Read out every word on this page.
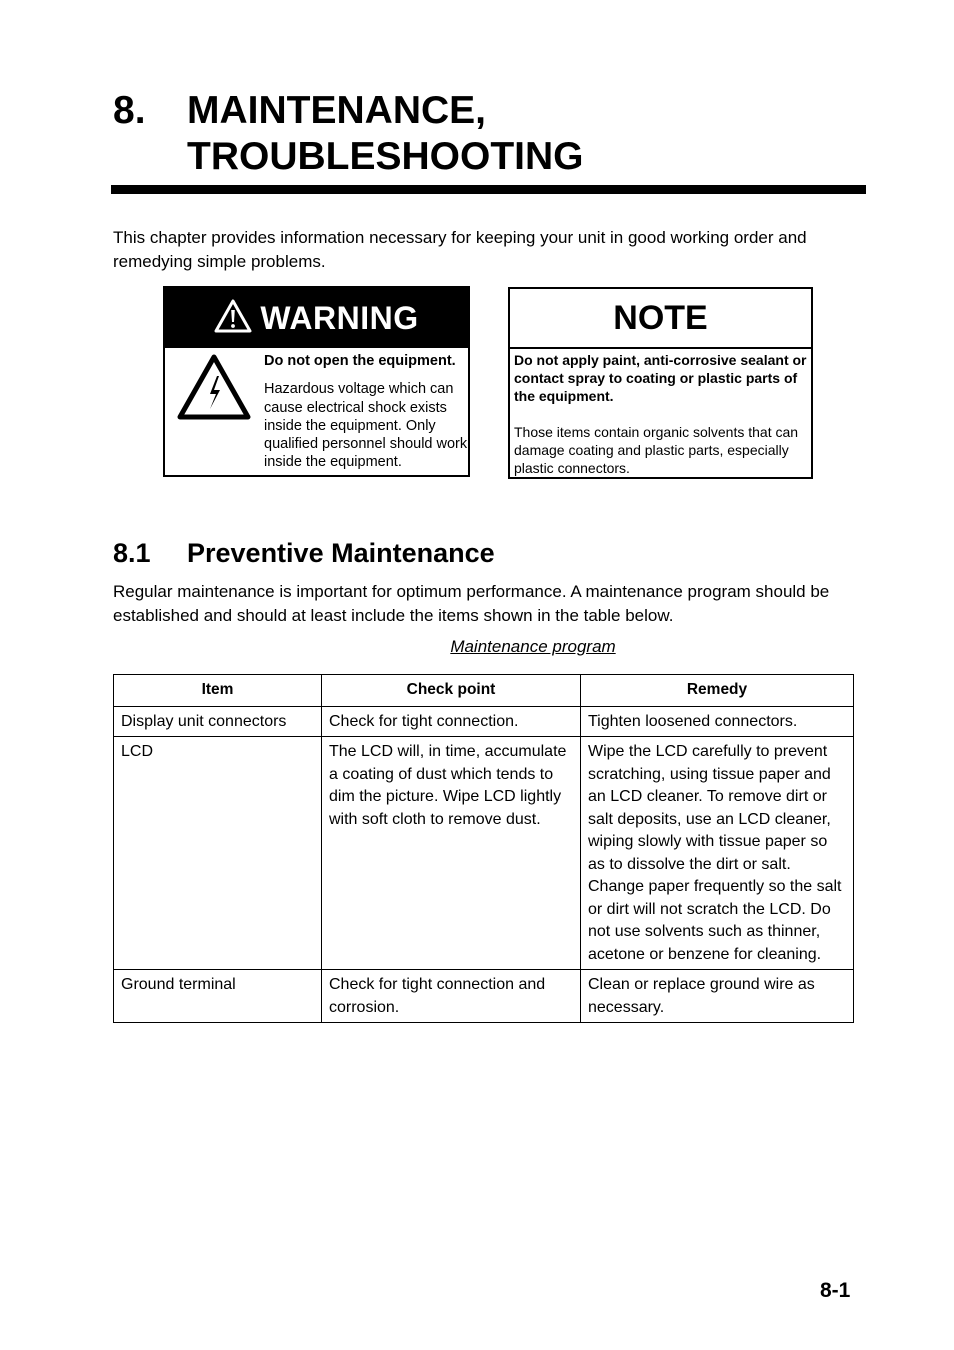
8.	MAINTENANCE,
TROUBLESHOOTING
This chapter provides information necessary for keeping your unit in good working order and remedying simple problems.
WARNING
Do not open the equipment.
Hazardous voltage which can cause electrical shock exists inside the equipment. Only qualified personnel should work inside the equipment.
NOTE
Do not apply paint, anti-corrosive sealant or contact spray to coating or plastic parts of the equipment.
Those items contain organic solvents that can damage coating and plastic parts, especially plastic connectors.
8.1	Preventive Maintenance
Regular maintenance is important for optimum performance. A maintenance program should be established and should at least include the items shown in the table below.
Maintenance program
Item	Check point	Remedy
Display unit connectors	Check for tight connection.	Tighten loosened connectors.
LCD	The LCD will, in time, accumulate a coating of dust which tends to dim the picture. Wipe LCD lightly with soft cloth to remove dust.	Wipe the LCD carefully to prevent scratching, using tissue paper and an LCD cleaner. To remove dirt or salt deposits, use an LCD cleaner, wiping slowly with tissue paper so as to dissolve the dirt or salt. Change paper frequently so the salt or dirt will not scratch the LCD. Do not use solvents such as thinner, acetone or benzene for cleaning.
Ground terminal	Check for tight connection and corrosion.	Clean or replace ground wire as necessary.
8-1
